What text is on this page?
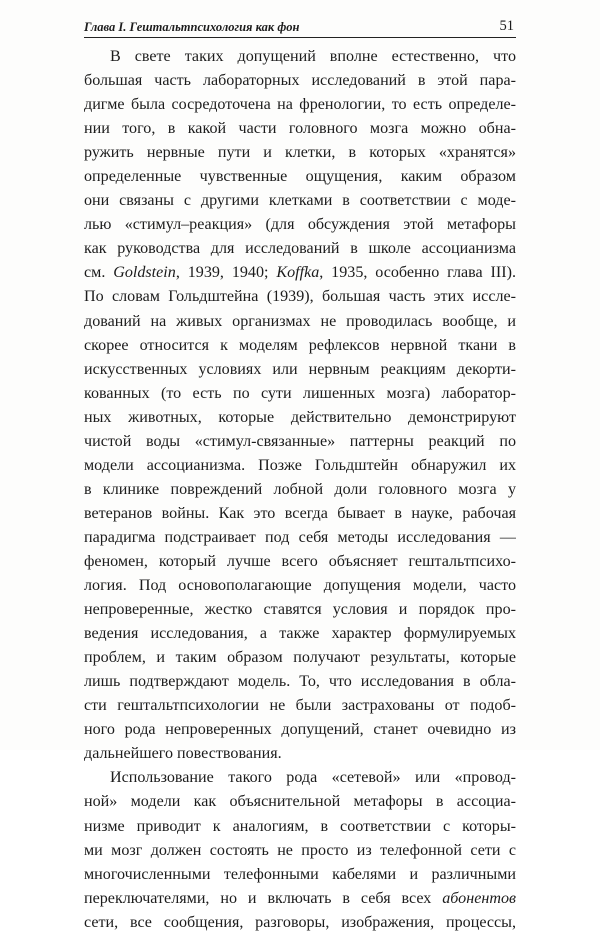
Глава I. Гештальтпсихология как фон	51
В свете таких допущений вполне естественно, что
большая часть лабораторных исследований в этой пара-
дигме была сосредоточена на френологии, то есть определе-
нии того, в какой части головного мозга можно обна-
ружить нервные пути и клетки, в которых «хранятся»
определенные чувственные ощущения, каким образом
они связаны с другими клетками в соответствии с моде-
лью «стимул–реакция» (для обсуждения этой метафоры
как руководства для исследований в школе ассоцианизма
см. Goldstein, 1939, 1940; Koffka, 1935, особенно глава III).
По словам Гольдштейна (1939), большая часть этих иссле-
дований на живых организмах не проводилась вообще, и
скорее относится к моделям рефлексов нервной ткани в
искусственных условиях или нервным реакциям декорти-
кованных (то есть по сути лишенных мозга) лаборатор-
ных животных, которые действительно демонстрируют
чистой воды «стимул-связанные» паттерны реакций по
модели ассоцианизма. Позже Гольдштейн обнаружил их
в клинике повреждений лобной доли головного мозга у
ветеранов войны. Как это всегда бывает в науке, рабочая
парадигма подстраивает под себя методы исследования —
феномен, который лучше всего объясняет гештальтпсихо-
логия. Под основополагающие допущения модели, часто
непроверенные, жестко ставятся условия и порядок про-
ведения исследования, а также характер формулируемых
проблем, и таким образом получают результаты, которые
лишь подтверждают модель. То, что исследования в обла-
сти гештальтпсихологии не были застрахованы от подоб-
ного рода непроверенных допущений, станет очевидно из
дальнейшего повествования.
Использование такого рода «сетевой» или «провод-
ной» модели как объяснительной метафоры в ассоциа-
низме приводит к аналогиям, в соответствии с которы-
ми мозг должен состоять не просто из телефонной сети с
многочисленными телефонными кабелями и различными
переключателями, но и включать в себя всех абонентов
сети, все сообщения, разговоры, изображения, процессы,
